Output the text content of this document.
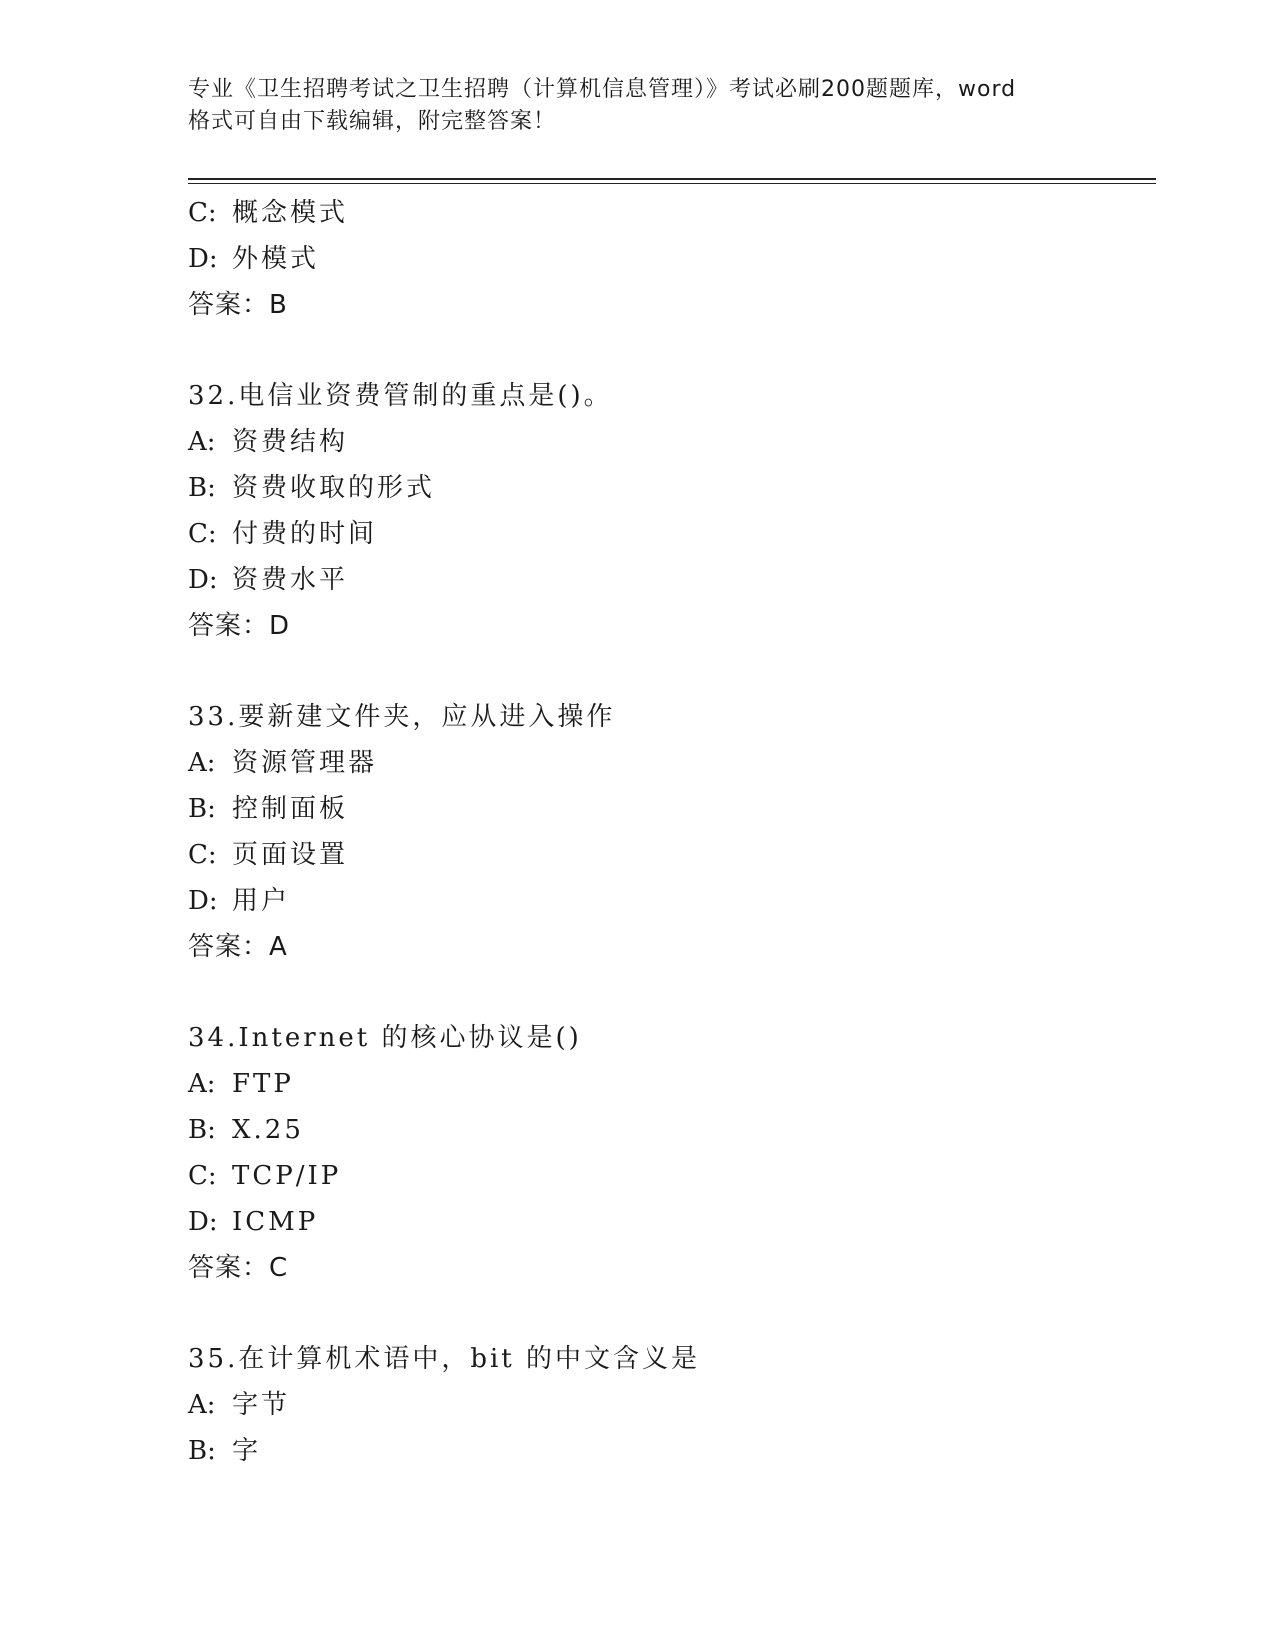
专业《卫生招聘考试之卫生招聘（计算机信息管理）》考试必刷200题题库，word
格式可自由下载编辑，附完整答案！
C: 概念模式
D: 外模式
答案：B
32.电信业资费管制的重点是()。
A: 资费结构
B: 资费收取的形式
C: 付费的时间
D: 资费水平
答案：D
33.要新建文件夹，应从进入操作
A: 资源管理器
B: 控制面板
C: 页面设置
D: 用户
答案：A
34.Internet 的核心协议是()
A: FTP
B: X.25
C: TCP/IP
D: ICMP
答案：C
35.在计算机术语中，bit 的中文含义是
A: 字节
B: 字
